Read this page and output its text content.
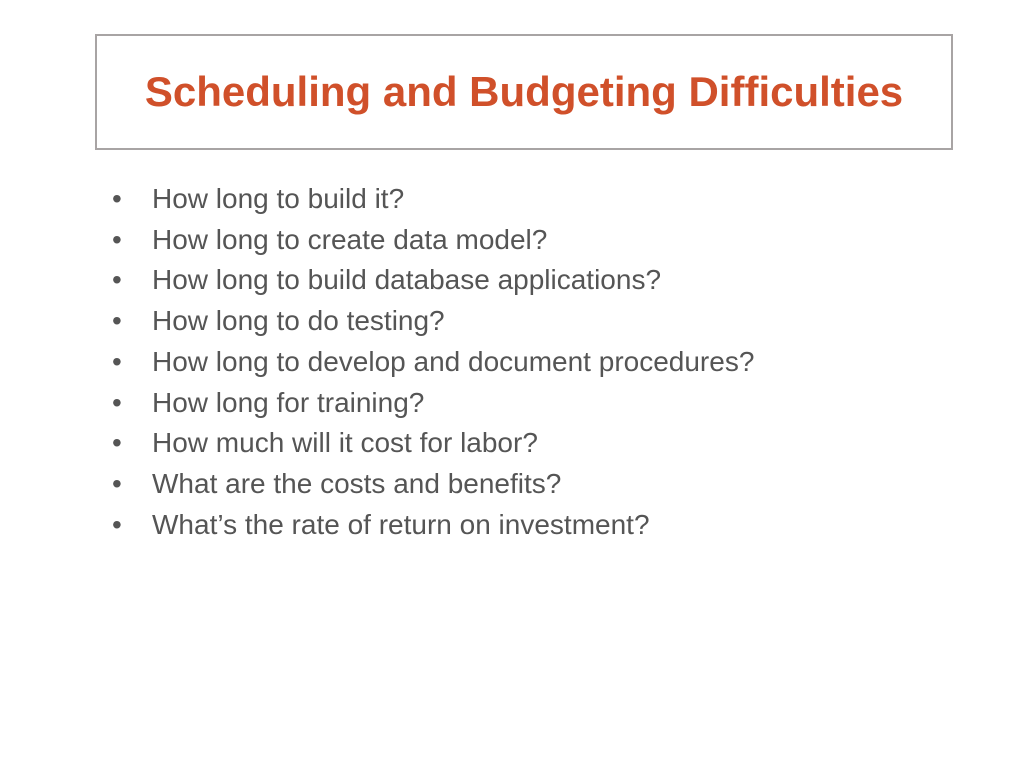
Scheduling and Budgeting Difficulties
•	How long to build it?
•	How long to create data model?
•	How long to build database applications?
•	How long to do testing?
•	How long to develop and document procedures?
•	How long for training?
•	How much will it cost for labor?
•	What are the costs and benefits?
•	What’s the rate of return on investment?
